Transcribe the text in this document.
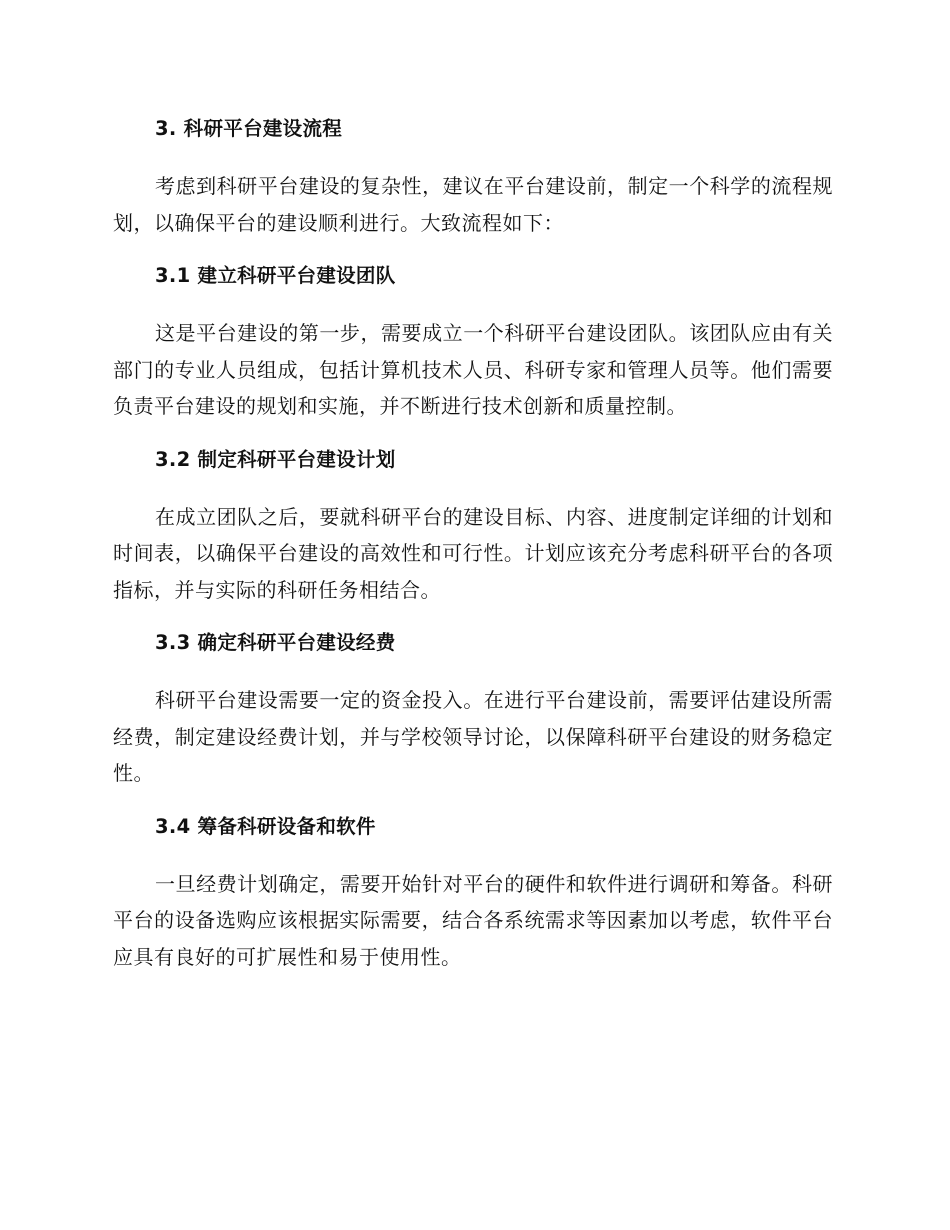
3. 科研平台建设流程

考虑到科研平台建设的复杂性，建议在平台建设前，制定一个科学的流程规划，以确保平台的建设顺利进行。大致流程如下：

3.1 建立科研平台建设团队

这是平台建设的第一步，需要成立一个科研平台建设团队。该团队应由有关部门的专业人员组成，包括计算机技术人员、科研专家和管理人员等。他们需要负责平台建设的规划和实施，并不断进行技术创新和质量控制。

3.2 制定科研平台建设计划

在成立团队之后，要就科研平台的建设目标、内容、进度制定详细的计划和时间表，以确保平台建设的高效性和可行性。计划应该充分考虑科研平台的各项指标，并与实际的科研任务相结合。

3.3 确定科研平台建设经费

科研平台建设需要一定的资金投入。在进行平台建设前，需要评估建设所需经费，制定建设经费计划，并与学校领导讨论，以保障科研平台建设的财务稳定性。

3.4 筹备科研设备和软件

一旦经费计划确定，需要开始针对平台的硬件和软件进行调研和筹备。科研平台的设备选购应该根据实际需要，结合各系统需求等因素加以考虑，软件平台应具有良好的可扩展性和易于使用性。
